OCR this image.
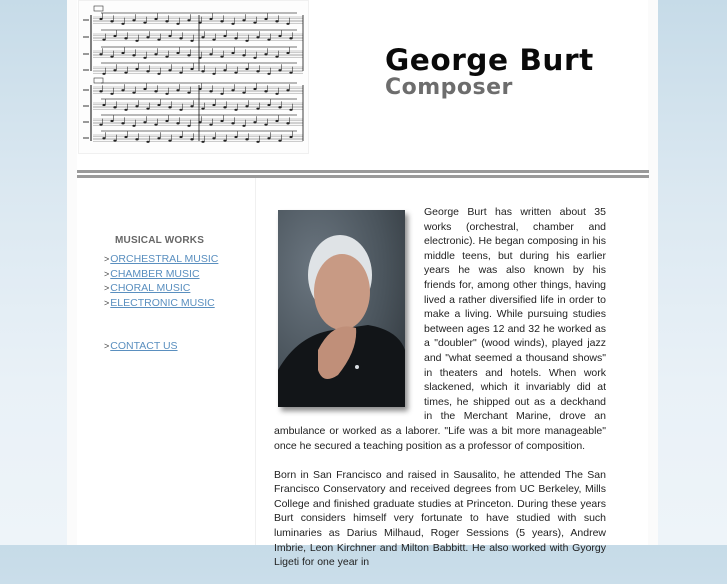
George Burt
Composer
MUSICAL WORKS
>ORCHESTRAL MUSIC
>CHAMBER MUSIC
>CHORAL MUSIC
>ELECTRONIC MUSIC
>CONTACT US

George Burt has written about 35 works (orchestral, chamber and electronic). He began composing in his middle teens, but during his earlier years he was also known by his friends for, among other things, having lived a rather diversified life in order to make a living. While pursuing studies between ages 12 and 32 he worked as a "doubler" (wood winds), played jazz and "what seemed a thousand shows" in theaters and hotels. When work slackened, which it invariably did at times, he shipped out as a deckhand in the Merchant Marine, drove an ambulance or worked as a laborer. "Life was a bit more manageable" once he secured a teaching position as a professor of composition.

Born in San Francisco and raised in Sausalito, he attended The San Francisco Conservatory and received degrees from UC Berkeley, Mills College and finished graduate studies at Princeton. During these years Burt considers himself very fortunate to have studied with such luminaries as Darius Milhaud, Roger Sessions (5 years), Andrew Imbrie, Leon Kirchner and Milton Babbitt. He also worked with Gyorgy Ligeti for one year in
